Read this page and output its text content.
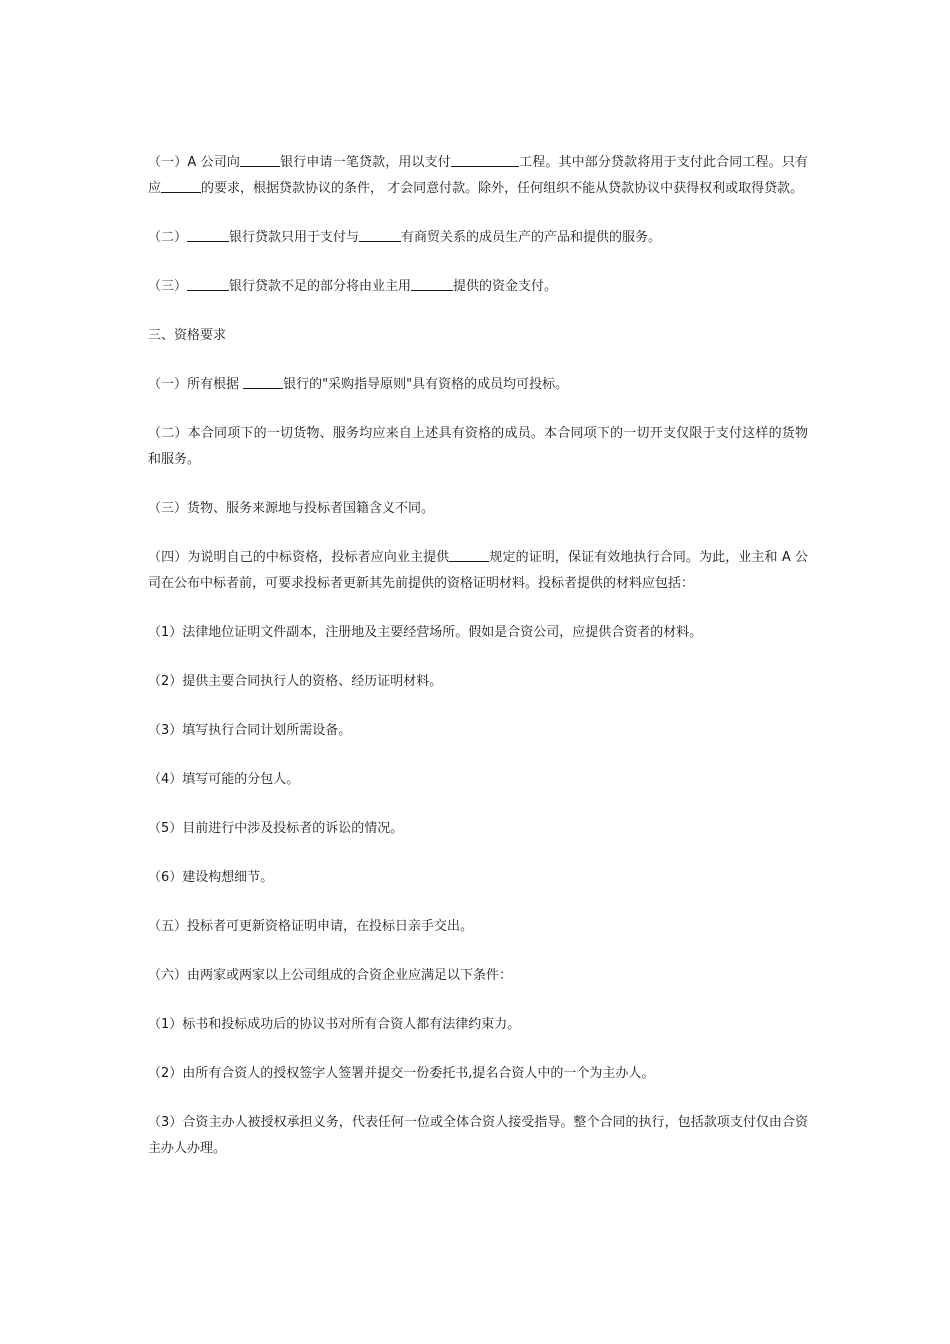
（一）A 公司向	银行申请一笔贷款，用以支付	工程。其中部分贷款将用于支付此合同工程。只有应	的要求，根据贷款协议的条件， 才会同意付款。除外，任何组织不能从贷款协议中获得权利或取得贷款。

（二）	银行贷款只用于支付与	有商贸关系的成员生产的产品和提供的服务。

（三）	银行贷款不足的部分将由业主用	提供的资金支付。

三、资格要求

（一）所有根据	银行的"采购指导原则"具有资格的成员均可投标。

（二）本合同项下的一切货物、服务均应来自上述具有资格的成员。本合同项下的一切开支仅限于支付这样的货物和服务。

（三）货物、服务来源地与投标者国籍含义不同。

（四）为说明自己的中标资格，投标者应向业主提供	规定的证明，保证有效地执行合同。为此，业主和 A 公司在公布中标者前，可要求投标者更新其先前提供的资格证明材料。投标者提供的材料应包括：

（1）法律地位证明文件副本，注册地及主要经营场所。假如是合资公司，应提供合资者的材料。

（2）提供主要合同执行人的资格、经历证明材料。

（3）填写执行合同计划所需设备。

（4）填写可能的分包人。

（5）目前进行中涉及投标者的诉讼的情况。

（6）建设构想细节。

（五）投标者可更新资格证明申请，在投标日亲手交出。

（六）由两家或两家以上公司组成的合资企业应满足以下条件：

（1）标书和投标成功后的协议书对所有合资人都有法律约束力。

（2）由所有合资人的授权签字人签署并提交一份委托书,提名合资人中的一个为主办人。

（3）合资主办人被授权承担义务，代表任何一位或全体合资人接受指导。整个合同的执行，包括款项支付仅由合资主办人办理。
